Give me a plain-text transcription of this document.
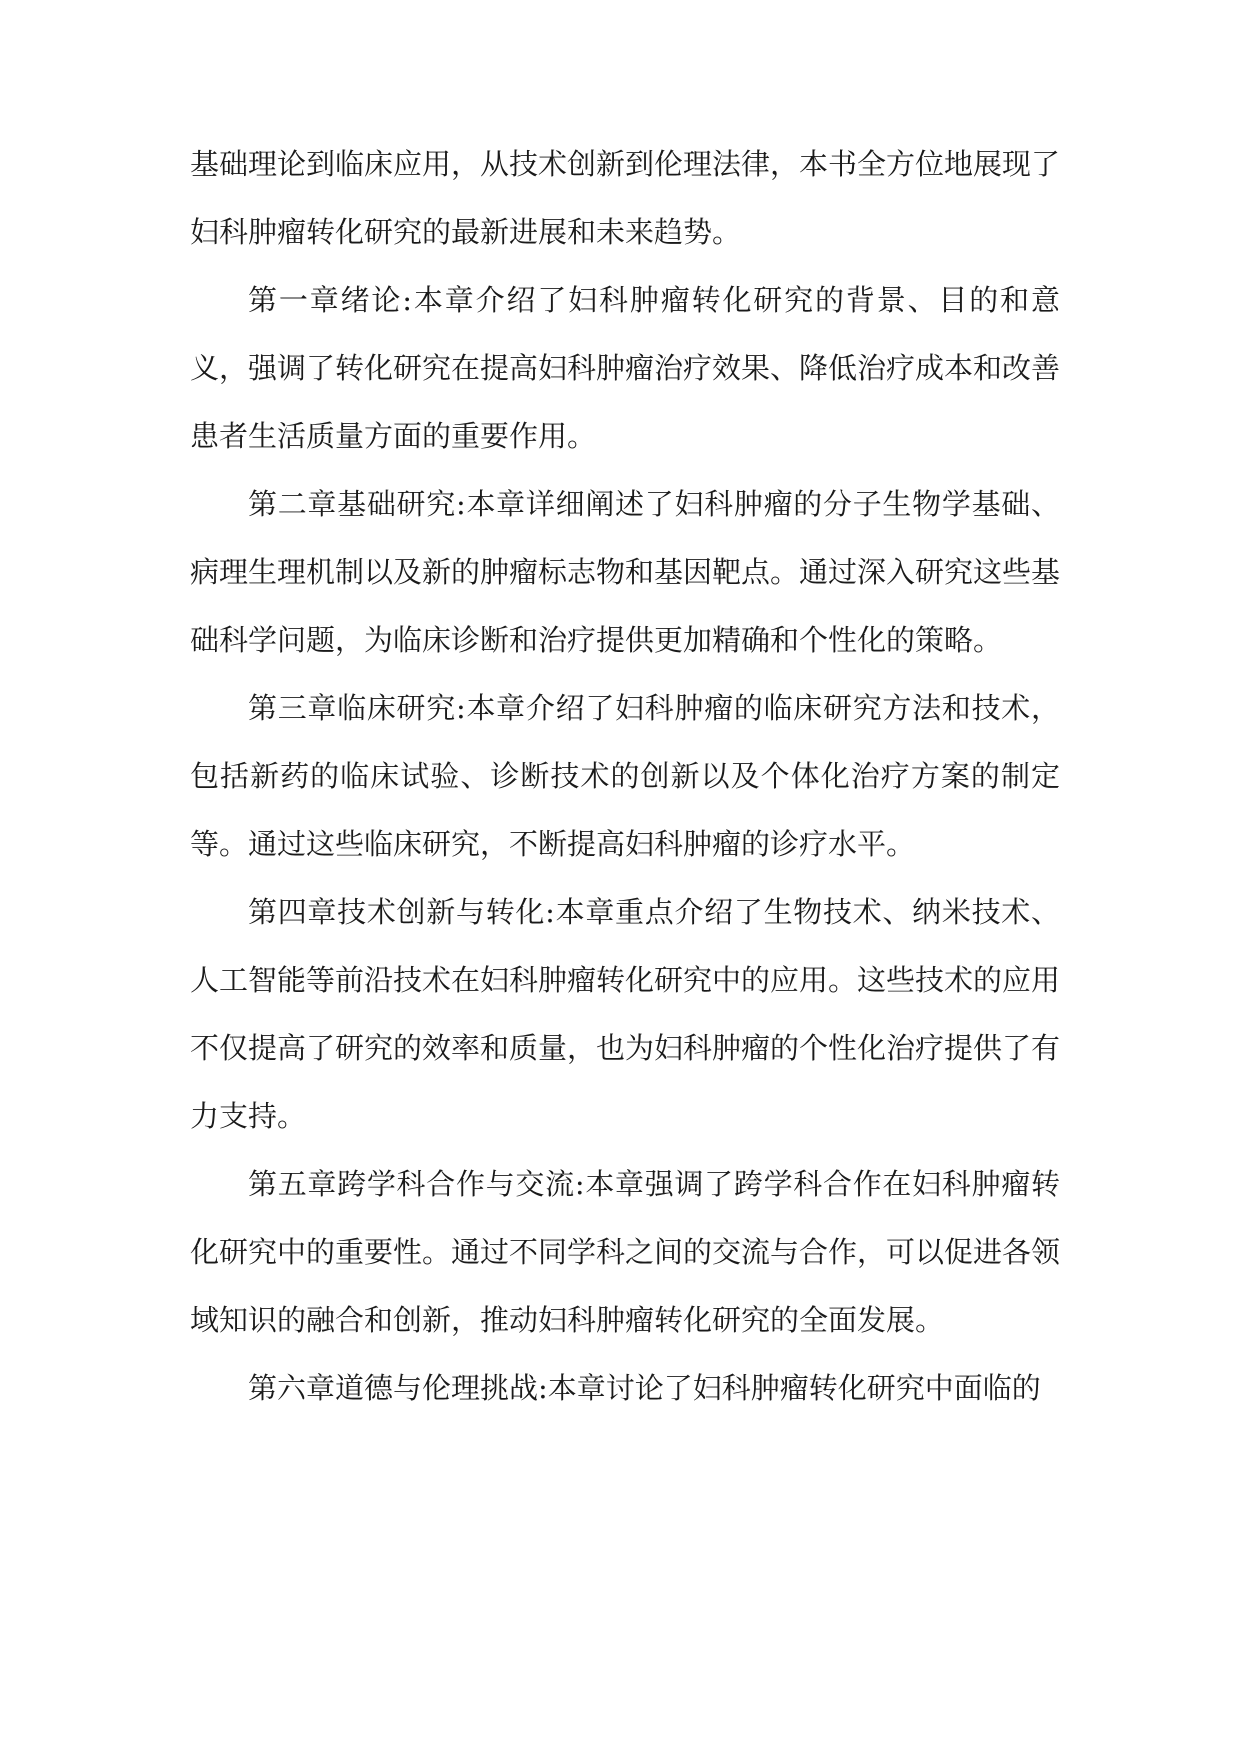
基础理论到临床应用，从技术创新到伦理法律，本书全方位地展现了妇科肿瘤转化研究的最新进展和未来趋势。

第一章绪论:本章介绍了妇科肿瘤转化研究的背景、目的和意义，强调了转化研究在提高妇科肿瘤治疗效果、降低治疗成本和改善患者生活质量方面的重要作用。

第二章基础研究:本章详细阐述了妇科肿瘤的分子生物学基础、病理生理机制以及新的肿瘤标志物和基因靶点。通过深入研究这些基础科学问题，为临床诊断和治疗提供更加精确和个性化的策略。

第三章临床研究:本章介绍了妇科肿瘤的临床研究方法和技术，包括新药的临床试验、诊断技术的创新以及个体化治疗方案的制定等。通过这些临床研究，不断提高妇科肿瘤的诊疗水平。

第四章技术创新与转化:本章重点介绍了生物技术、纳米技术、人工智能等前沿技术在妇科肿瘤转化研究中的应用。这些技术的应用不仅提高了研究的效率和质量，也为妇科肿瘤的个性化治疗提供了有力支持。

第五章跨学科合作与交流:本章强调了跨学科合作在妇科肿瘤转化研究中的重要性。通过不同学科之间的交流与合作，可以促进各领域知识的融合和创新，推动妇科肿瘤转化研究的全面发展。

第六章道德与伦理挑战:本章讨论了妇科肿瘤转化研究中面临的
